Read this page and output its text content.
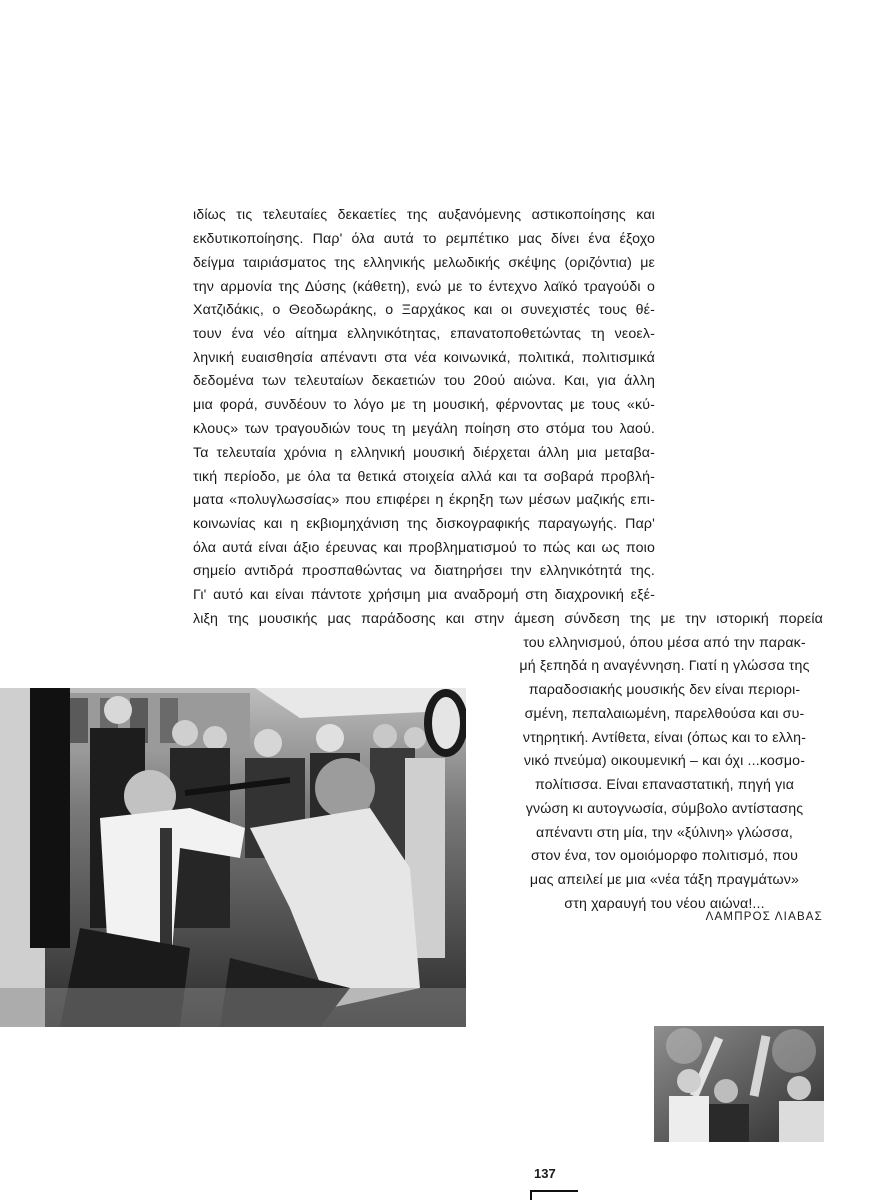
ιδίως τις τελευταίες δεκαετίες της αυξανόμενης αστικοποίησης και
εκδυτικοποίησης. Παρ' όλα αυτά το ρεμπέτικο μας δίνει ένα έξοχο
δείγμα ταιριάσματος της ελληνικής μελωδικής σκέψης (οριζόντια) με
την αρμονία της Δύσης (κάθετη), ενώ με το έντεχνο λαϊκό τραγούδι ο
Χατζιδάκις, ο Θεοδωράκης, ο Ξαρχάκος και οι συνεχιστές τους θέ-
τουν ένα νέο αίτημα ελληνικότητας, επανατοποθετώντας τη νεοελ-
ληνική ευαισθησία απέναντι στα νέα κοινωνικά, πολιτικά, πολιτισμικά
δεδομένα των τελευταίων δεκαετιών του 20ού αιώνα. Και, για άλλη
μια φορά, συνδέουν το λόγο με τη μουσική, φέρνοντας με τους «κύ-
κλους» των τραγουδιών τους τη μεγάλη ποίηση στο στόμα του λαού.
Τα τελευταία χρόνια η ελληνική μουσική διέρχεται άλλη μια μεταβα-
τική περίοδο, με όλα τα θετικά στοιχεία αλλά και τα σοβαρά προβλή-
ματα «πολυγλωσσίας» που επιφέρει η έκρηξη των μέσων μαζικής επι-
κοινωνίας και η εκβιομηχάνιση της δισκογραφικής παραγωγής. Παρ'
όλα αυτά είναι άξιο έρευνας και προβληματισμού το πώς και ως ποιο
σημείο αντιδρά προσπαθώντας να διατηρήσει την ελληνικότητά της.
Γι' αυτό και είναι πάντοτε χρήσιμη μια αναδρομή στη διαχρονική εξέ-
λιξη της μουσικής μας παράδοσης και στην άμεση σύνδεση της με την ιστορική πορεία
του ελληνισμού, όπου μέσα από την παρακ-
μή ξεπηδά η αναγέννηση. Γιατί η γλώσσα της
παραδοσιακής μουσικής δεν είναι περιορι-
σμένη, πεπαλαιωμένη, παρελθούσα και συ-
ντηρητική. Αντίθετα, είναι (όπως και το ελλη-
νικό πνεύμα) οικουμενική – και όχι ...κοσμο-
πολίτισσα. Είναι επαναστατική, πηγή για
γνώση κι αυτογνωσία, σύμβολο αντίστασης
απέναντι στη μία, την «ξύλινη» γλώσσα,
στον ένα, τον ομοιόμορφο πολιτισμό, που
μας απειλεί με μια «νέα τάξη πραγμάτων»
στη χαραυγή του νέου αιώνα!...
ΛΑΜΠΡΟΣ ΛΙΑΒΑΣ
137
